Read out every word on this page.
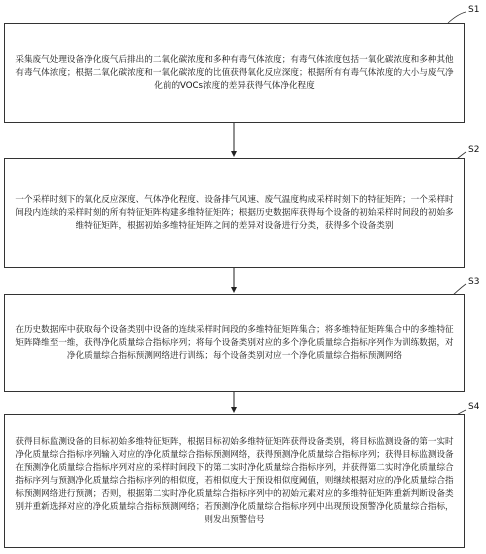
S1
S2
S3
S4

采集废气处理设备净化废气后排出的二氧化碳浓度和多种有毒气体浓度；有毒气体浓度包括一氧化碳浓度和多种其他有毒气体浓度；根据二氧化碳浓度和一氧化碳浓度的比值获得氧化反应深度；根据所有有毒气体浓度的大小与废气净化前的VOCs浓度的差异获得气体净化程度

一个采样时刻下的氧化反应深度、气体净化程度、设备排气风速、废气温度构成采样时刻下的特征矩阵；一个采样时间段内连续的采样时刻的所有特征矩阵构建多维特征矩阵；根据历史数据库获得每个设备的初始采样时间段的初始多维特征矩阵，根据初始多维特征矩阵之间的差异对设备进行分类，获得多个设备类别

在历史数据库中获取每个设备类别中设备的连续采样时间段的多维特征矩阵集合；将多维特征矩阵集合中的多维特征矩阵降维至一维，获得净化质量综合指标序列；将每个设备类别对应的多个净化质量综合指标序列作为训练数据，对净化质量综合指标预测网络进行训练；每个设备类别对应一个净化质量综合指标预测网络

获得目标监测设备的目标初始多维特征矩阵，根据目标初始多维特征矩阵获得设备类别，将目标监测设备的第一实时净化质量综合指标序列输入对应的净化质量综合指标预测网络，获得预测净化质量综合指标序列；获得目标监测设备在预测净化质量综合指标序列对应的采样时间段下的第二实时净化质量综合指标序列，并获得第二实时净化质量综合指标序列与预测净化质量综合指标序列的相似度，若相似度大于预设相似度阈值，则继续根据对应的净化质量综合指标预测网络进行预测；否则，根据第二实时净化质量综合指标序列中的初始元素对应的多维特征矩阵重新判断设备类别并重新选择对应的净化质量综合指标预测网络；若预测净化质量综合指标序列中出现预设预警净化质量综合指标，则发出预警信号
